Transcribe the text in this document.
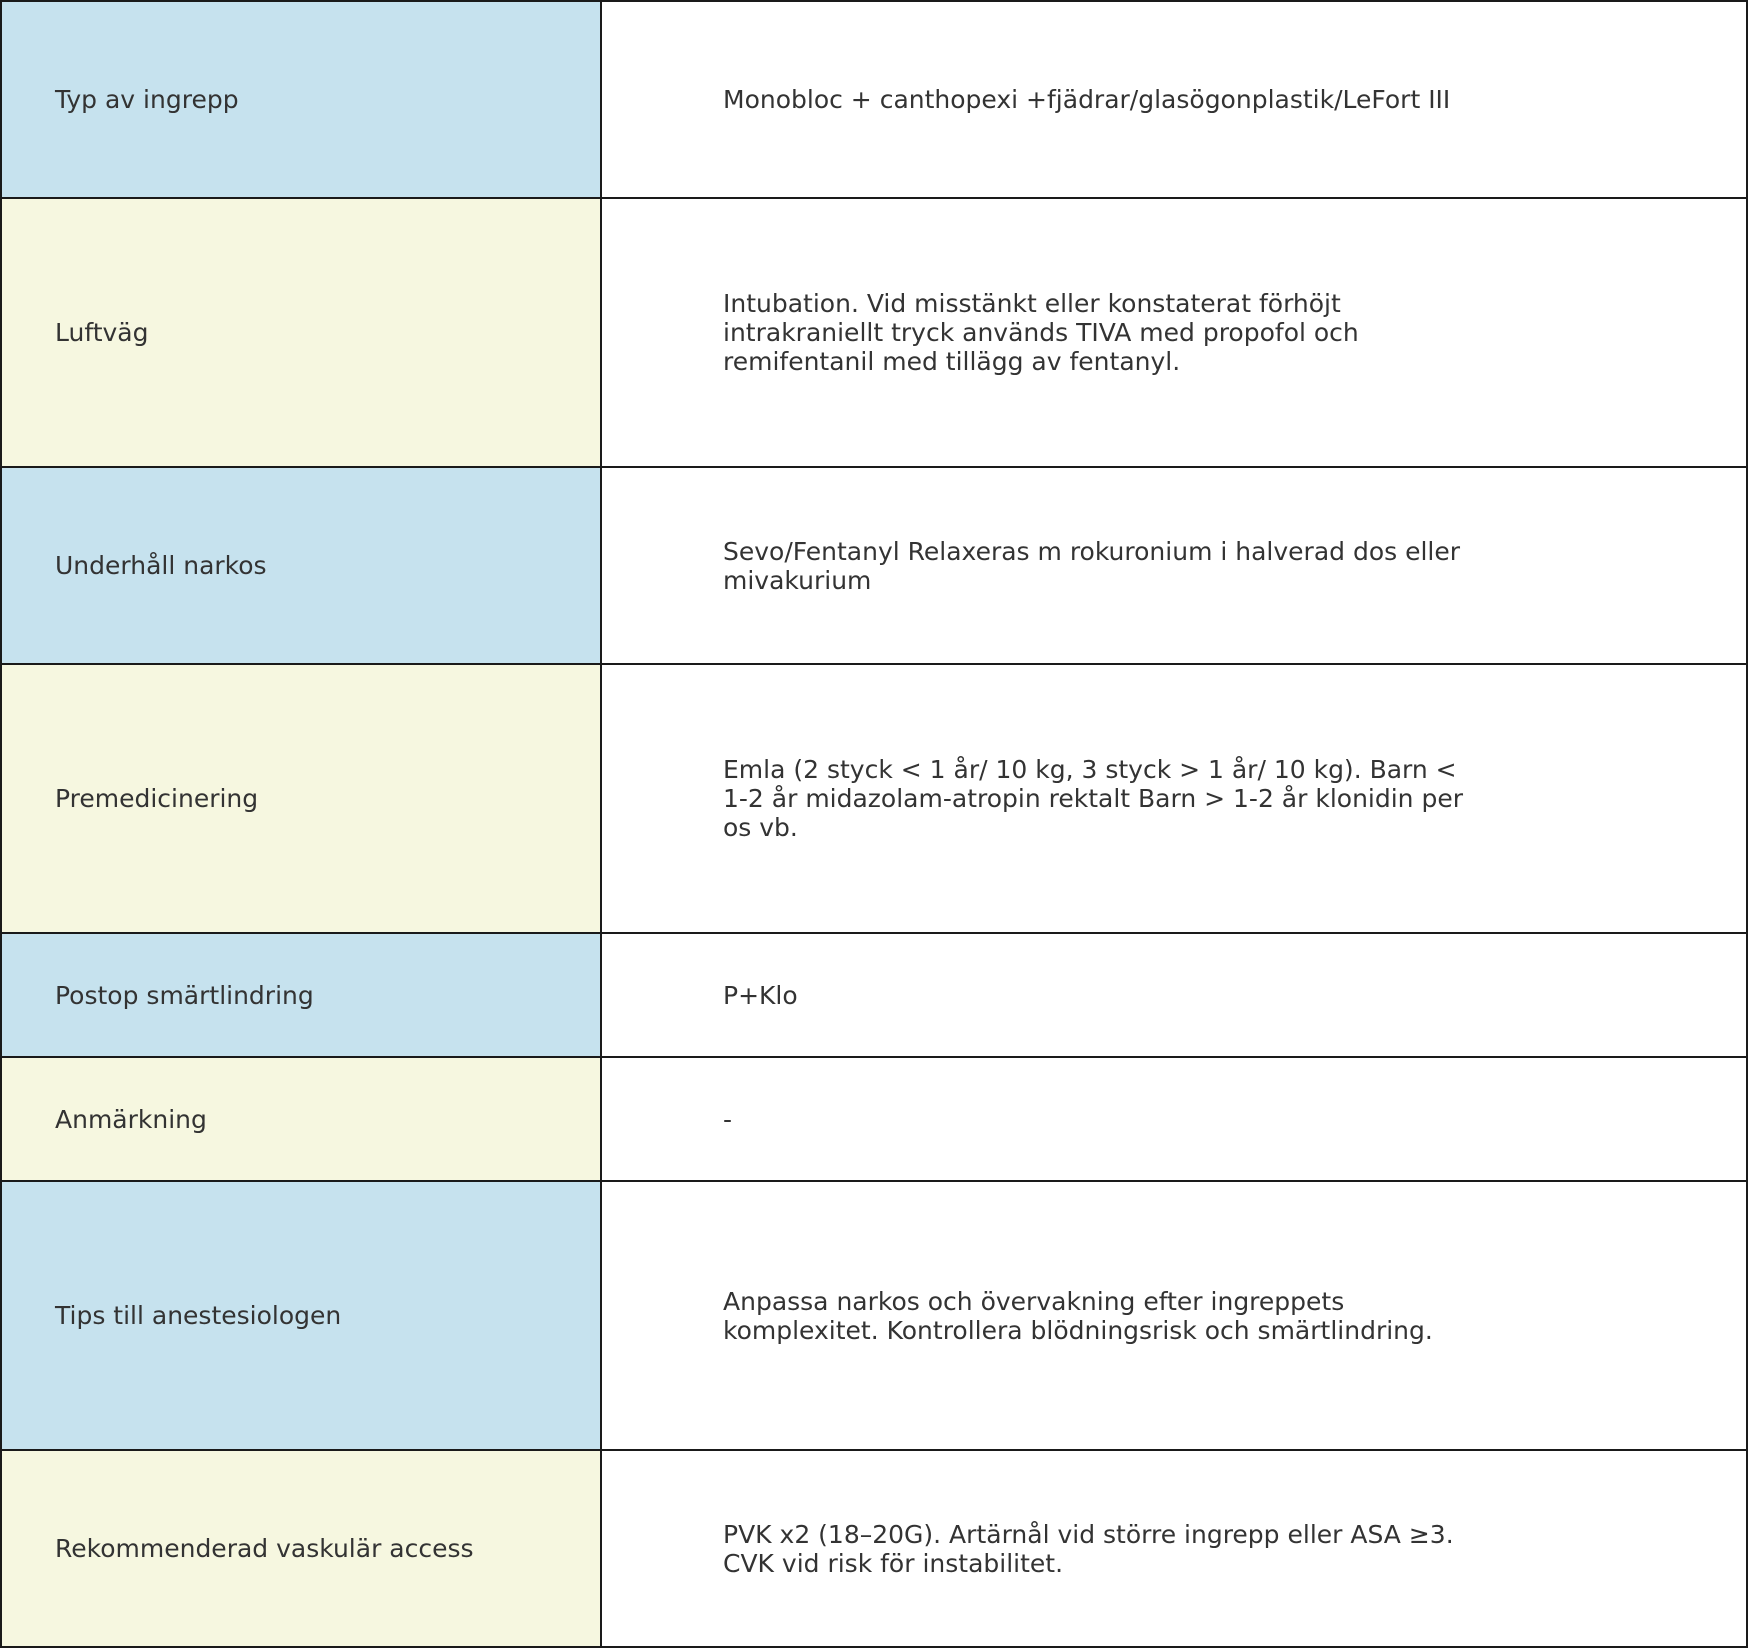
Typ av ingrepp	Monobloc + canthopexi +fjädrar/glasögonplastik/LeFort III

Luftväg	Intubation. Vid misstänkt eller konstaterat förhöjt intrakraniellt tryck används TIVA med propofol och remifentanil med tillägg av fentanyl.

Underhåll narkos	Sevo/Fentanyl Relaxeras m rokuronium i halverad dos eller mivakurium

Premedicinering	Emla (2 styck < 1 år/ 10 kg, 3 styck > 1 år/ 10 kg). Barn < 1-2 år midazolam-atropin rektalt Barn > 1-2 år klonidin per os vb.

Postop smärtlindring	P+Klo

Anmärkning	-

Tips till anestesiologen	Anpassa narkos och övervakning efter ingreppets komplexitet. Kontrollera blödningsrisk och smärtlindring.

Rekommenderad vaskulär access	PVK x2 (18–20G). Artärnål vid större ingrepp eller ASA ≥3. CVK vid risk för instabilitet.
